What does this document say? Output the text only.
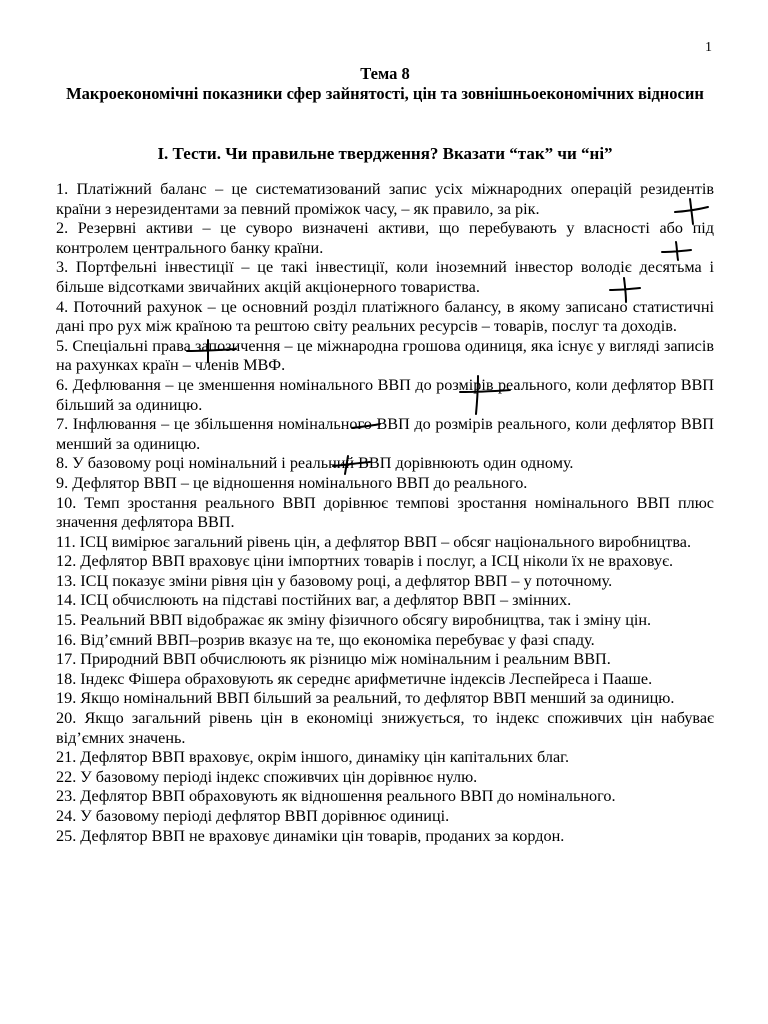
1
Тема 8
Макроекономічні показники сфер зайнятості, цін та зовнішньоекономічних відносин
І. Тести. Чи правильне твердження? Вказати “так” чи “ні”

1. Платіжний баланс – це систематизований запис усіх міжнародних операцій резидентів країни з нерезидентами за певний проміжок часу, – як правило, за рік.

2. Резервні активи – це суворо визначені активи, що перебувають у власності або під контролем центрального банку країни.

3. Портфельні інвестиції – це такі інвестиції, коли іноземний інвестор володіє десятьма і більше відсотками звичайних акцій акціонерного товариства.

4. Поточний рахунок – це основний розділ платіжного балансу, в якому записано статистичні дані про рух між країною та рештою світу реальних ресурсів – товарів, послуг та доходів.

5. Спеціальні права запозичення – це міжнародна грошова одиниця, яка існує у вигляді записів на рахунках країн – членів МВФ.

6. Дефлювання – це зменшення номінального ВВП до розмірів реального, коли дефлятор ВВП більший за одиницю.

7. Інфлювання – це збільшення номінального ВВП до розмірів реального, коли дефлятор ВВП менший за одиницю.

8. У базовому році номінальний і реальний ВВП дорівнюють один одному.

9. Дефлятор ВВП – це відношення номінального ВВП до реального.

10. Темп зростання реального ВВП дорівнює темпові зростання номінального ВВП плюс значення дефлятора ВВП.

11. ІСЦ вимірює загальний рівень цін, а дефлятор ВВП – обсяг національного виробництва.

12. Дефлятор ВВП враховує ціни імпортних товарів і послуг, а ІСЦ ніколи їх не враховує.

13. ІСЦ показує зміни рівня цін у базовому році, а дефлятор ВВП – у поточному.

14. ІСЦ обчислюють на підставі постійних ваг, а дефлятор ВВП – змінних.

15. Реальний ВВП відображає як зміну фізичного обсягу виробництва, так і зміну цін.

16. Від’ємний ВВП–розрив вказує на те, що економіка перебуває у фазі спаду.

17. Природний ВВП обчислюють як різницю між номінальним і реальним ВВП.

18. Індекс Фішера обраховують як середнє арифметичне індексів Леспейреса і Пааше.

19. Якщо номінальний ВВП більший за реальний, то дефлятор ВВП менший за одиницю.

20. Якщо загальний рівень цін в економіці знижується, то індекс споживчих цін набуває від’ємних значень.

21. Дефлятор ВВП враховує, окрім іншого, динаміку цін капітальних благ.

22. У базовому періоді індекс споживчих цін дорівнює нулю.

23. Дефлятор ВВП обраховують як відношення реального ВВП до номінального.

24. У базовому періоді дефлятор ВВП дорівнює одиниці.

25. Дефлятор ВВП не враховує динаміки цін товарів, проданих за кордон.
